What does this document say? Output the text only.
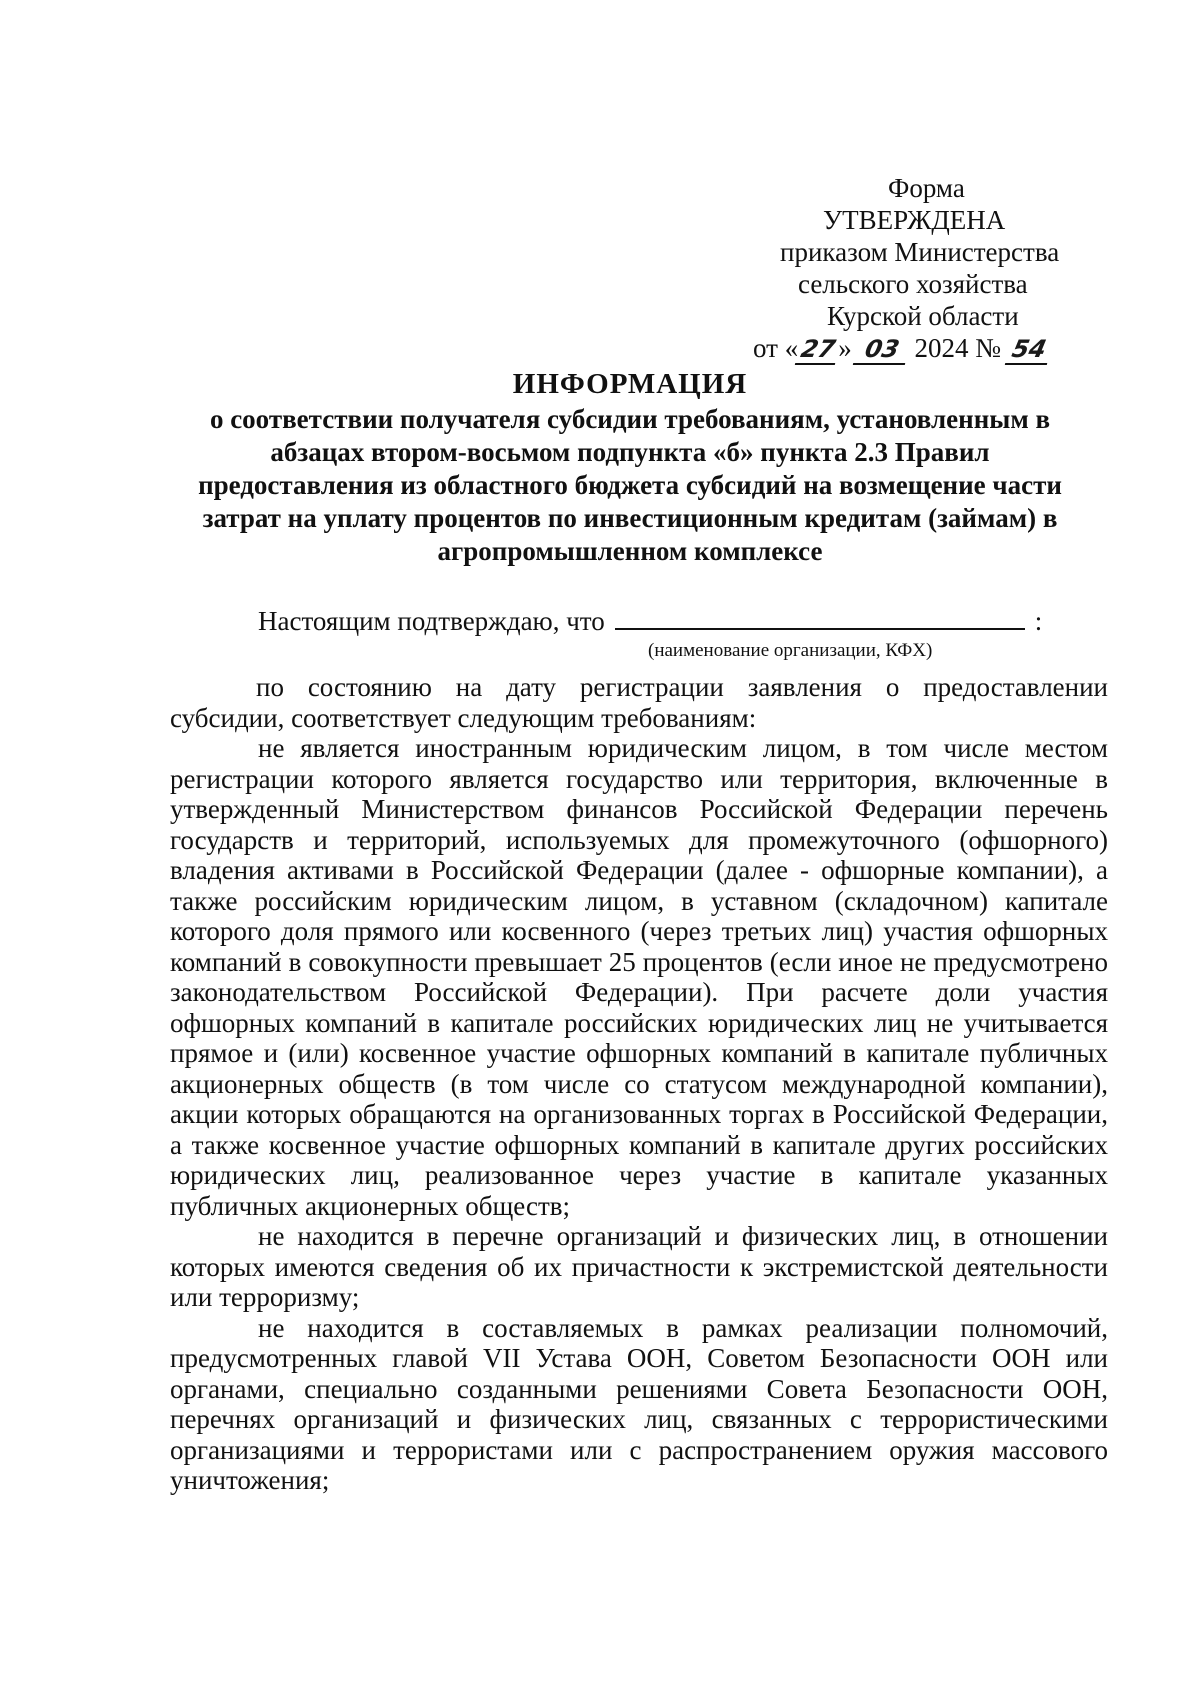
Форма
УТВЕРЖДЕНА
приказом Министерства
сельского хозяйства
Курской области
от «27» 03 2024 № 54
ИНФОРМАЦИЯ
о соответствии получателя субсидии требованиям, установленным в
абзацах втором-восьмом подпункта «б» пункта 2.3 Правил
предоставления из областного бюджета субсидий на возмещение части
затрат на уплату процентов по инвестиционным кредитам (займам) в
агропромышленном комплексе
Настоящим подтверждаю, что	:
(наименование организации, КФХ)

по состоянию на дату регистрации заявления о предоставлении субсидии, соответствует следующим требованиям:

не является иностранным юридическим лицом, в том числе местом регистрации которого является государство или территория, включенные в утвержденный Министерством финансов Российской Федерации перечень государств и территорий, используемых для промежуточного (офшорного) владения активами в Российской Федерации (далее - офшорные компании), а также российским юридическим лицом, в уставном (складочном) капитале которого доля прямого или косвенного (через третьих лиц) участия офшорных компаний в совокупности превышает 25 процентов (если иное не предусмотрено законодательством Российской Федерации). При расчете доли участия офшорных компаний в капитале российских юридических лиц не учитывается прямое и (или) косвенное участие офшорных компаний в капитале публичных акционерных обществ (в том числе со статусом международной компании), акции которых обращаются на организованных торгах в Российской Федерации, а также косвенное участие офшорных компаний в капитале других российских юридических лиц, реализованное через участие в капитале указанных публичных акционерных обществ;

не находится в перечне организаций и физических лиц, в отношении которых имеются сведения об их причастности к экстремистской деятельности или терроризму;

не находится в составляемых в рамках реализации полномочий, предусмотренных главой VII Устава ООН, Советом Безопасности ООН или органами, специально созданными решениями Совета Безопасности ООН, перечнях организаций и физических лиц, связанных с террористическими организациями и террористами или с распространением оружия массового уничтожения;
